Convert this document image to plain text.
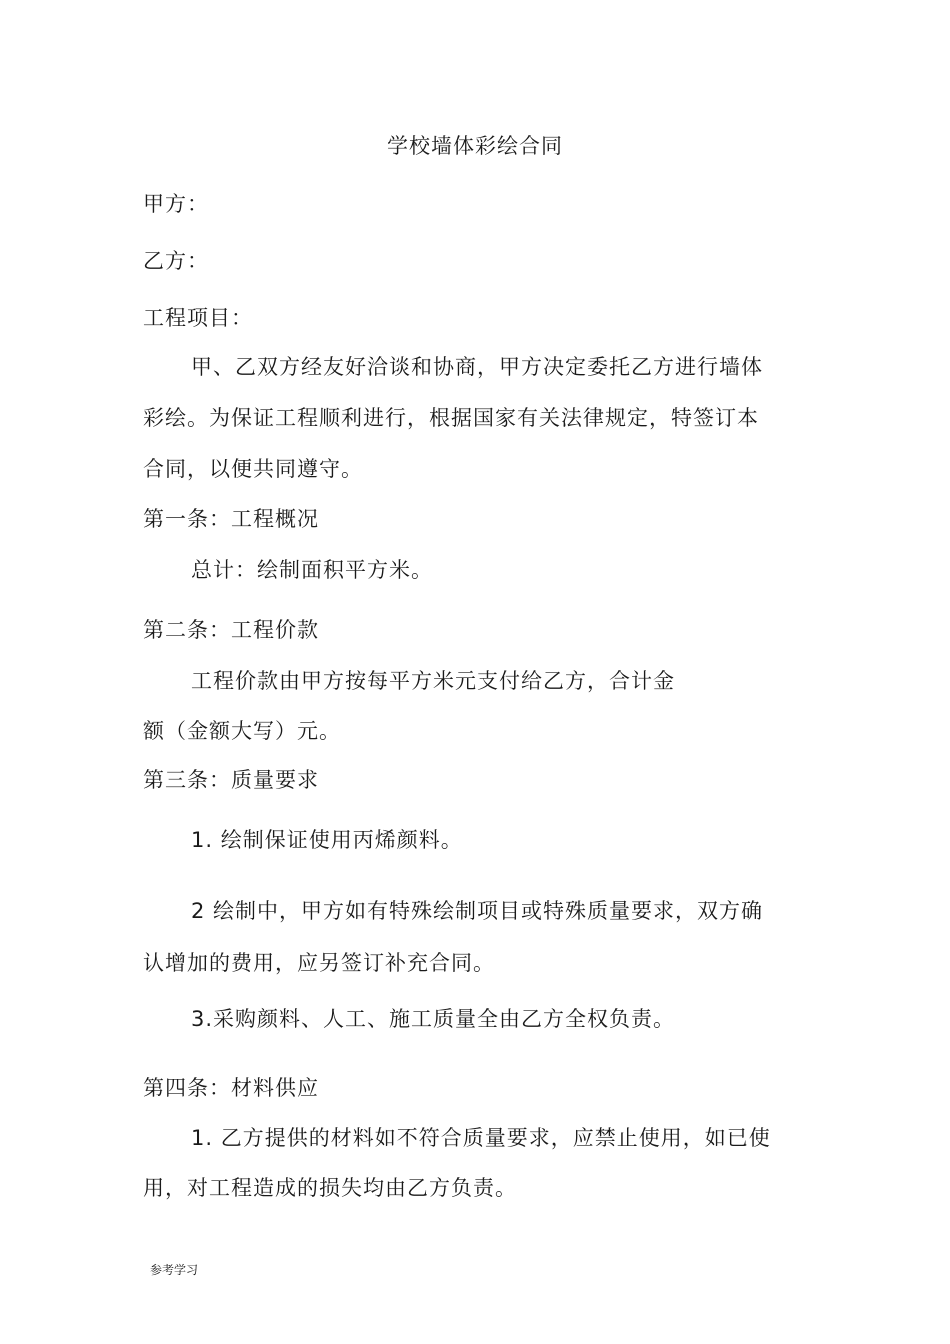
学校墙体彩绘合同
甲方：
乙方：
工程项目：
甲、乙双方经友好洽谈和协商，甲方决定委托乙方进行墙体
彩绘。为保证工程顺利进行，根据国家有关法律规定，特签订本
合同，以便共同遵守。
第一条：工程概况
总计：绘制面积平方米。
第二条：工程价款
工程价款由甲方按每平方米元支付给乙方，合计金
额（金额大写）元。
第三条：质量要求
1. 绘制保证使用丙烯颜料。
2 绘制中，甲方如有特殊绘制项目或特殊质量要求，双方确
认增加的费用，应另签订补充合同。
3.采购颜料、人工、施工质量全由乙方全权负责。
第四条：材料供应
1. 乙方提供的材料如不符合质量要求，应禁止使用，如已使
用，对工程造成的损失均由乙方负责。
参考学习
